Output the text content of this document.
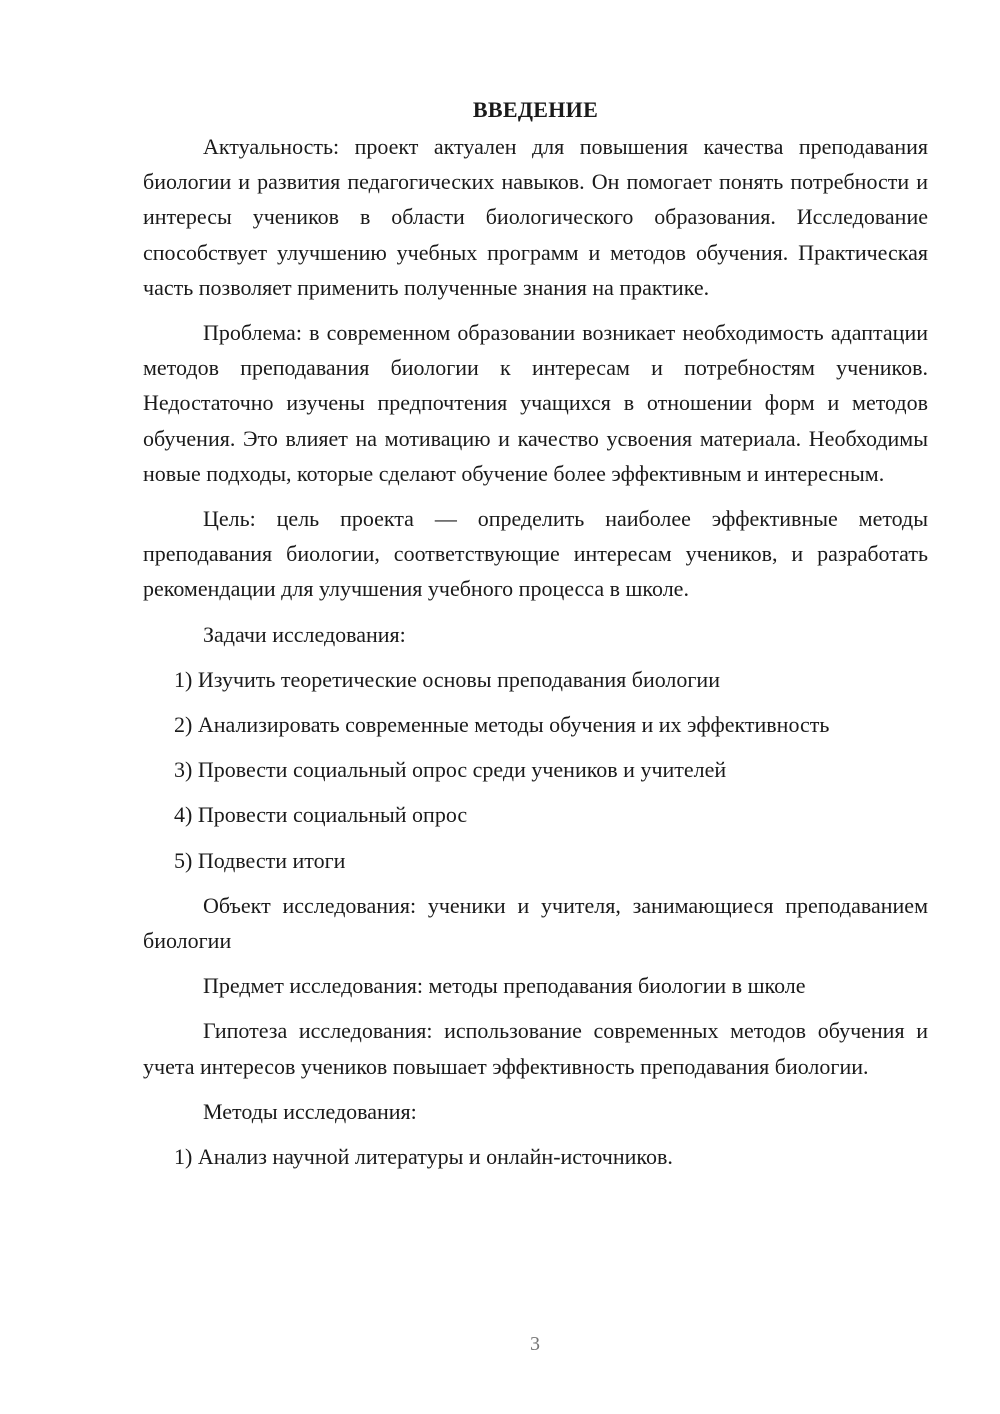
ВВЕДЕНИЕ

Актуальность: проект актуален для повышения качества преподавания биологии и развития педагогических навыков. Он помогает понять потребности и интересы учеников в области биологического образования. Исследование способствует улучшению учебных программ и методов обучения. Практическая часть позволяет применить полученные знания на практике.

Проблема: в современном образовании возникает необходимость адаптации методов преподавания биологии к интересам и потребностям учеников. Недостаточно изучены предпочтения учащихся в отношении форм и методов обучения. Это влияет на мотивацию и качество усвоения материала. Необходимы новые подходы, которые сделают обучение более эффективным и интересным.

Цель: цель проекта — определить наиболее эффективные методы преподавания биологии, соответствующие интересам учеников, и разработать рекомендации для улучшения учебного процесса в школе.

Задачи исследования:

1) Изучить теоретические основы преподавания биологии

2) Анализировать современные методы обучения и их эффективность

3) Провести социальный опрос среди учеников и учителей

4) Провести социальный опрос

5) Подвести итоги

Объект исследования: ученики и учителя, занимающиеся преподаванием биологии

Предмет исследования: методы преподавания биологии в школе

Гипотеза исследования: использование современных методов обучения и учета интересов учеников повышает эффективность преподавания биологии.

Методы исследования:

1) Анализ научной литературы и онлайн-источников.

3
